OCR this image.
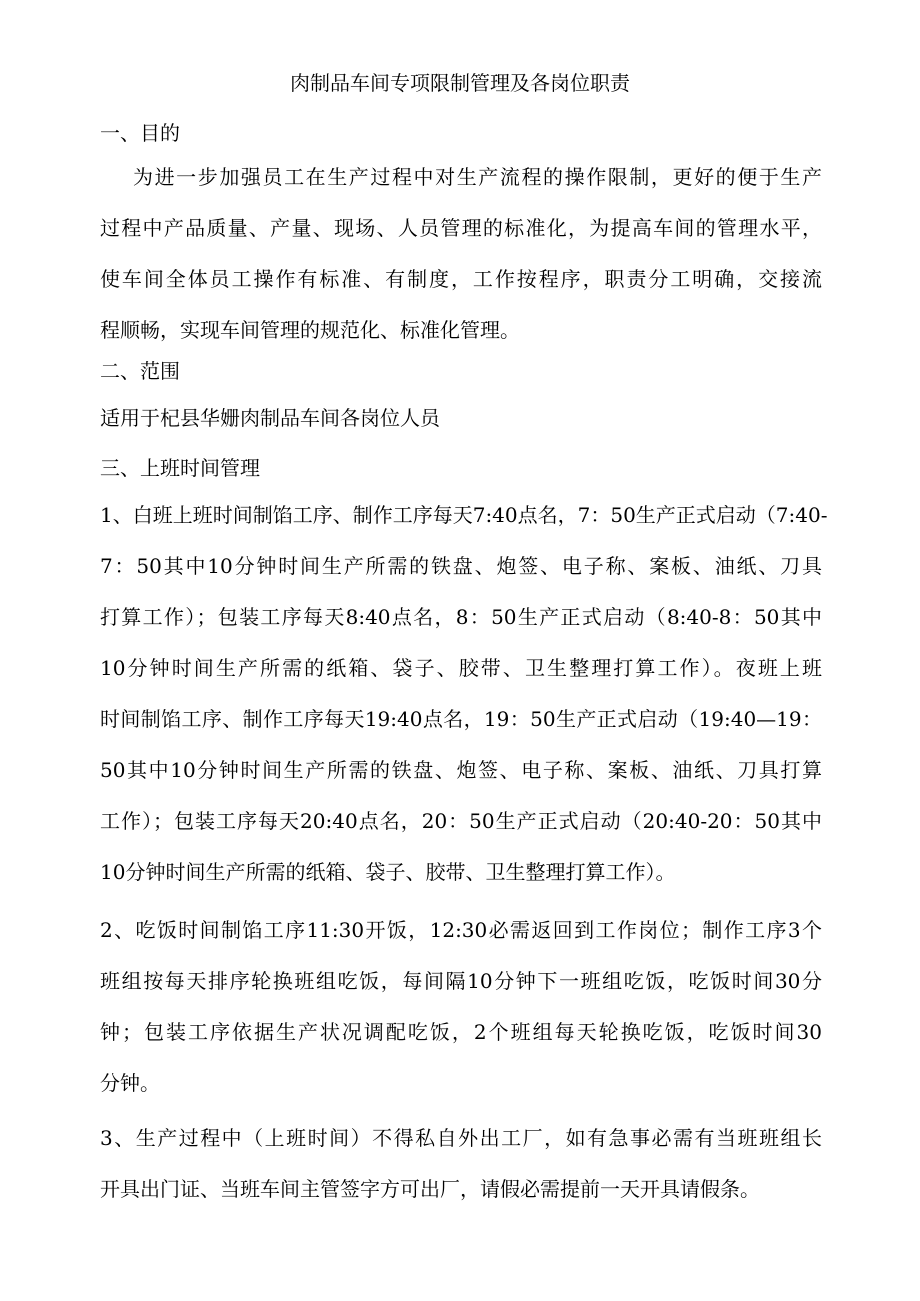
肉制品车间专项限制管理及各岗位职责
一、目的
为进一步加强员工在生产过程中对生产流程的操作限制，更好的便于生产
过程中产品质量、产量、现场、人员管理的标准化，为提高车间的管理水平，
使车间全体员工操作有标准、有制度，工作按程序，职责分工明确，交接流
程顺畅，实现车间管理的规范化、标准化管理。
二、范围
适用于杞县华姗肉制品车间各岗位人员
三、上班时间管理
1、白班上班时间制馅工序、制作工序每天7:40点名，7：50生产正式启动（7:40-
7：50其中10分钟时间生产所需的铁盘、炮签、电子称、案板、油纸、刀具
打算工作）；包装工序每天8:40点名，8：50生产正式启动（8:40-8：50其中
10分钟时间生产所需的纸箱、袋子、胶带、卫生整理打算工作）。夜班上班
时间制馅工序、制作工序每天19:40点名，19：50生产正式启动（19:40—19：
50其中10分钟时间生产所需的铁盘、炮签、电子称、案板、油纸、刀具打算
工作）；包装工序每天20:40点名，20：50生产正式启动（20:40-20：50其中
10分钟时间生产所需的纸箱、袋子、胶带、卫生整理打算工作）。
2、吃饭时间制馅工序11:30开饭，12:30必需返回到工作岗位；制作工序3个
班组按每天排序轮换班组吃饭，每间隔10分钟下一班组吃饭，吃饭时间30分
钟；包装工序依据生产状况调配吃饭，2个班组每天轮换吃饭，吃饭时间30
分钟。
3、生产过程中（上班时间）不得私自外出工厂，如有急事必需有当班班组长
开具出门证、当班车间主管签字方可出厂，请假必需提前一天开具请假条。
